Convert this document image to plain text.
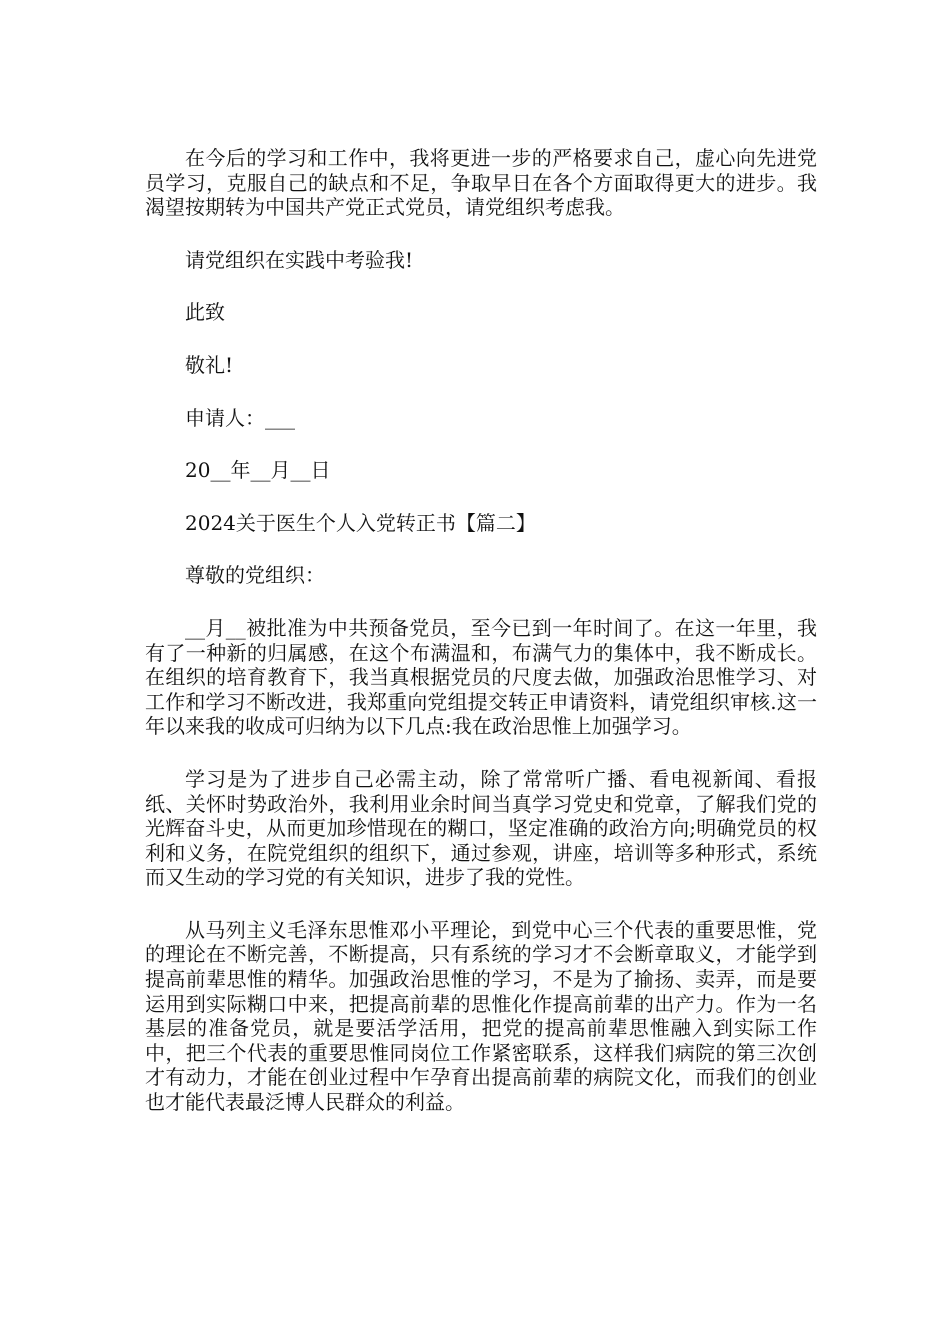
在今后的学习和工作中，我将更进一步的严格要求自己，虚心向先进党员学习，克服自己的缺点和不足，争取早日在各个方面取得更大的进步。我渴望按期转为中国共产党正式党员，请党组织考虑我。

请党组织在实践中考验我!

此致

敬礼!

申请人：___

20__年__月__日

2024关于医生个人入党转正书【篇二】

尊敬的党组织：

__月__被批准为中共预备党员，至今已到一年时间了。在这一年里，我有了一种新的归属感，在这个布满温和，布满气力的集体中，我不断成长。在组织的培育教育下，我当真根据党员的尺度去做，加强政治思惟学习、对工作和学习不断改进，我郑重向党组提交转正申请资料，请党组织审核.这一年以来我的收成可归纳为以下几点:我在政治思惟上加强学习。

学习是为了进步自己必需主动，除了常常听广播、看电视新闻、看报纸、关怀时势政治外，我利用业余时间当真学习党史和党章，了解我们党的光辉奋斗史，从而更加珍惜现在的糊口，坚定准确的政治方向;明确党员的权利和义务，在院党组织的组织下，通过参观，讲座，培训等多种形式，系统而又生动的学习党的有关知识，进步了我的党性。

从马列主义毛泽东思惟邓小平理论，到党中心三个代表的重要思惟，党的理论在不断完善，不断提高，只有系统的学习才不会断章取义，才能学到提高前辈思惟的精华。加强政治思惟的学习，不是为了揄扬、卖弄，而是要运用到实际糊口中来，把提高前辈的思惟化作提高前辈的出产力。作为一名基层的准备党员，就是要活学活用，把党的提高前辈思惟融入到实际工作中，把三个代表的重要思惟同岗位工作紧密联系，这样我们病院的第三次创才有动力，才能在创业过程中乍孕育出提高前辈的病院文化，而我们的创业也才能代表最泛博人民群众的利益。
